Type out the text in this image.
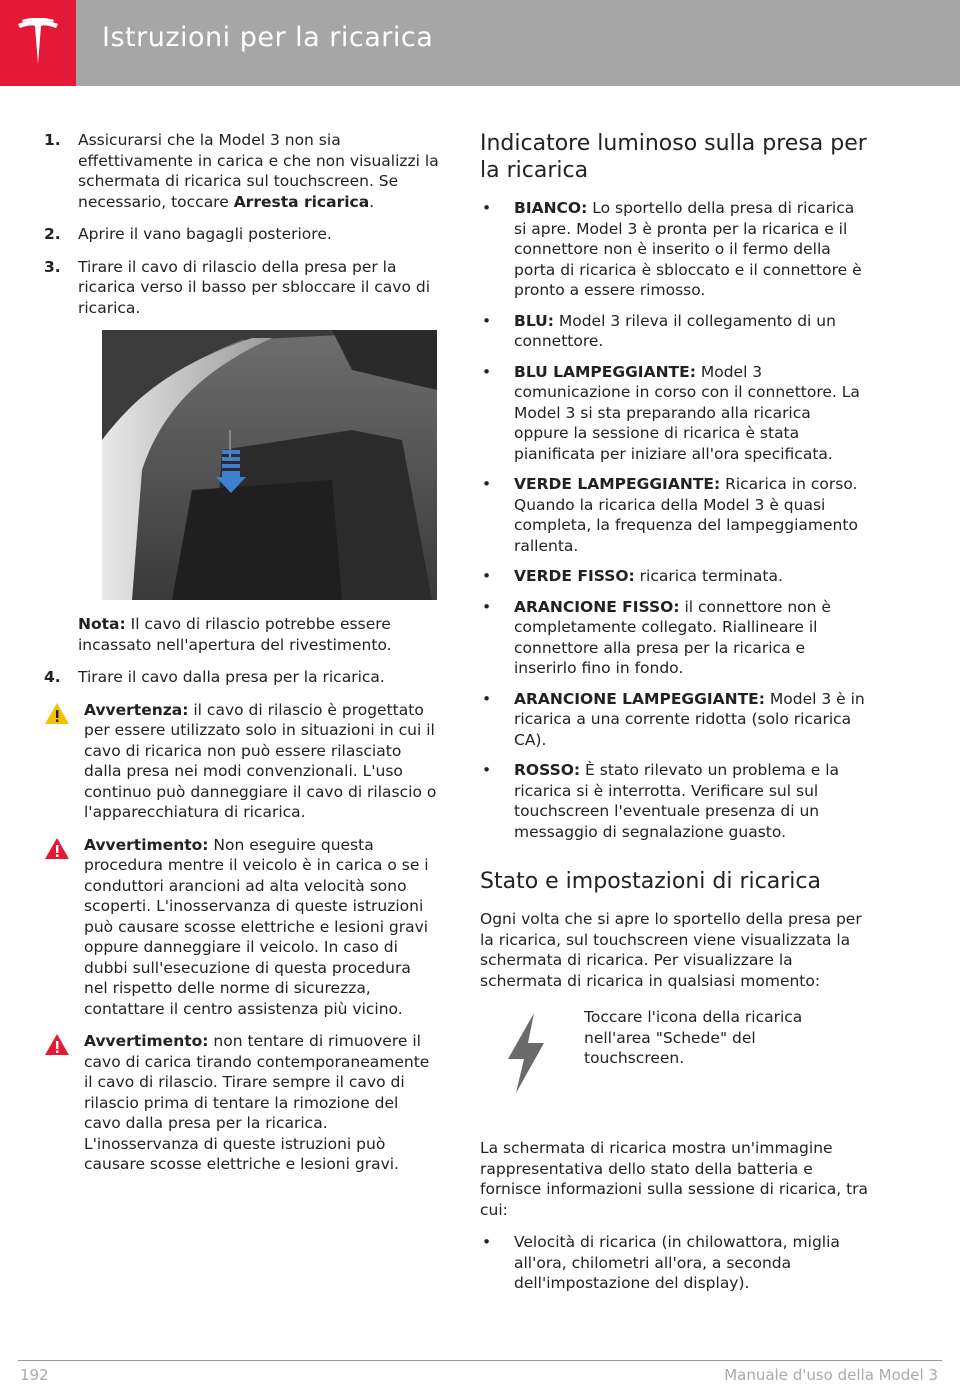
Istruzioni per la ricarica
1. Assicurarsi che la Model 3 non sia effettivamente in carica e che non visualizzi la schermata di ricarica sul touchscreen. Se necessario, toccare Arresta ricarica.
2. Aprire il vano bagagli posteriore.
3. Tirare il cavo di rilascio della presa per la ricarica verso il basso per sbloccare il cavo di ricarica.
Nota: Il cavo di rilascio potrebbe essere incassato nell'apertura del rivestimento.
4. Tirare il cavo dalla presa per la ricarica.
Avvertenza: il cavo di rilascio è progettato per essere utilizzato solo in situazioni in cui il cavo di ricarica non può essere rilasciato dalla presa nei modi convenzionali. L'uso continuo può danneggiare il cavo di rilascio o l'apparecchiatura di ricarica.
Avvertimento: Non eseguire questa procedura mentre il veicolo è in carica o se i conduttori arancioni ad alta velocità sono scoperti. L'inosservanza di queste istruzioni può causare scosse elettriche e lesioni gravi oppure danneggiare il veicolo. In caso di dubbi sull'esecuzione di questa procedura nel rispetto delle norme di sicurezza, contattare il centro assistenza più vicino.
Avvertimento: non tentare di rimuovere il cavo di carica tirando contemporaneamente il cavo di rilascio. Tirare sempre il cavo di rilascio prima di tentare la rimozione del cavo dalla presa per la ricarica. L'inosservanza di queste istruzioni può causare scosse elettriche e lesioni gravi.
Indicatore luminoso sulla presa per la ricarica
• BIANCO: Lo sportello della presa di ricarica si apre. Model 3 è pronta per la ricarica e il connettore non è inserito o il fermo della porta di ricarica è sbloccato e il connettore è pronto a essere rimosso.
• BLU: Model 3 rileva il collegamento di un connettore.
• BLU LAMPEGGIANTE: Model 3 comunicazione in corso con il connettore. La Model 3 si sta preparando alla ricarica oppure la sessione di ricarica è stata pianificata per iniziare all'ora specificata.
• VERDE LAMPEGGIANTE: Ricarica in corso. Quando la ricarica della Model 3 è quasi completa, la frequenza del lampeggiamento rallenta.
• VERDE FISSO: ricarica terminata.
• ARANCIONE FISSO: il connettore non è completamente collegato. Riallineare il connettore alla presa per la ricarica e inserirlo fino in fondo.
• ARANCIONE LAMPEGGIANTE: Model 3 è in ricarica a una corrente ridotta (solo ricarica CA).
• ROSSO: È stato rilevato un problema e la ricarica si è interrotta. Verificare sul sul touchscreen l'eventuale presenza di un messaggio di segnalazione guasto.
Stato e impostazioni di ricarica
Ogni volta che si apre lo sportello della presa per la ricarica, sul touchscreen viene visualizzata la schermata di ricarica. Per visualizzare la schermata di ricarica in qualsiasi momento:
Toccare l'icona della ricarica nell'area "Schede" del touchscreen.
La schermata di ricarica mostra un'immagine rappresentativa dello stato della batteria e fornisce informazioni sulla sessione di ricarica, tra cui:
• Velocità di ricarica (in chilowattora, miglia all'ora, chilometri all'ora, a seconda dell'impostazione del display).
192	Manuale d'uso della Model 3
